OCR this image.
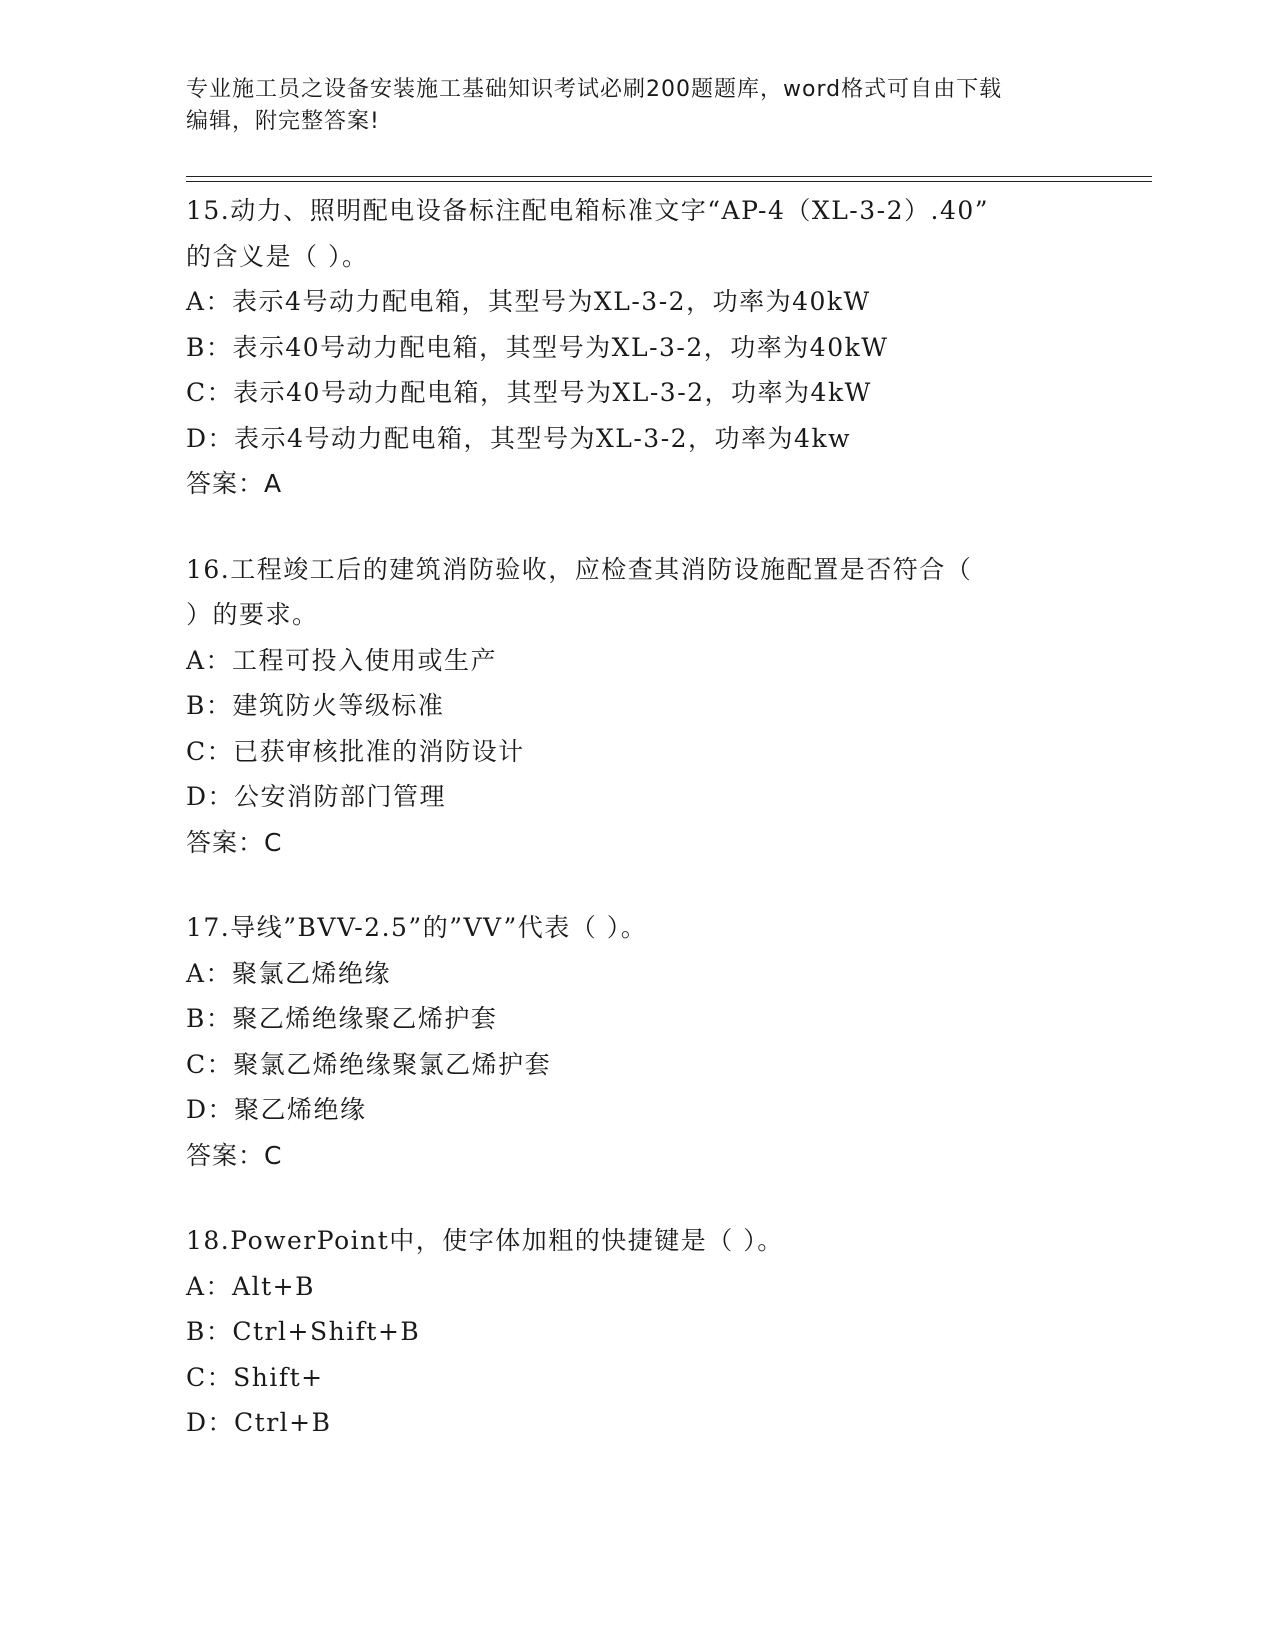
专业施工员之设备安装施工基础知识考试必刷200题题库，word格式可自由下载

编辑，附完整答案!

15.动力、照明配电设备标注配电箱标准文字“AP-4（XL-3-2）.40”
的含义是（ ）。
A：表示4号动力配电箱，其型号为XL-3-2，功率为40kW
B：表示40号动力配电箱，其型号为XL-3-2，功率为40kW
C：表示40号动力配电箱，其型号为XL-3-2，功率为4kW
D：表示4号动力配电箱，其型号为XL-3-2，功率为4kw
答案：A
16.工程竣工后的建筑消防验收，应检查其消防设施配置是否符合（
）的要求。
A：工程可投入使用或生产
B：建筑防火等级标准
C：已获审核批准的消防设计
D：公安消防部门管理
答案：C
17.导线”BVV-2.5”的”VV”代表（ ）。
A：聚氯乙烯绝缘
B：聚乙烯绝缘聚乙烯护套
C：聚氯乙烯绝缘聚氯乙烯护套
D：聚乙烯绝缘
答案：C
18.PowerPoint中，使字体加粗的快捷键是（ ）。
A：Alt+B
B：Ctrl+Shift+B
C：Shift+
D：Ctrl+B
